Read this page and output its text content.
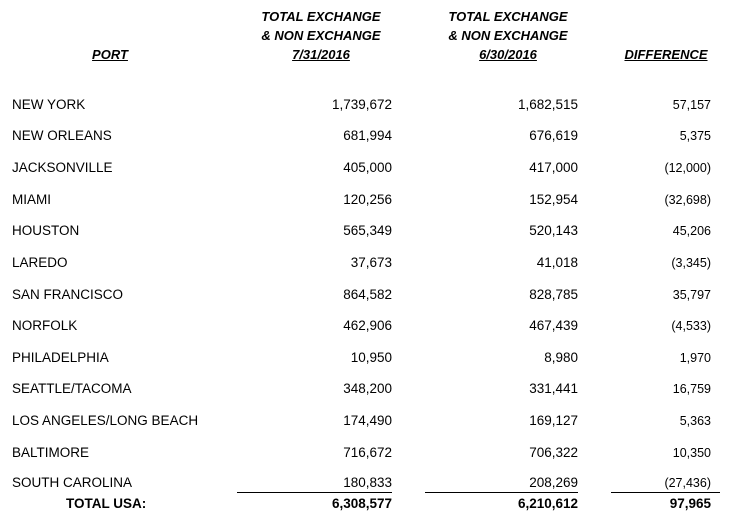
PORT
TOTAL EXCHANGE
& NON EXCHANGE
7/31/2016
TOTAL EXCHANGE
& NON EXCHANGE
6/30/2016	DIFFERENCE
NEW YORK	1,739,672	1,682,515	57,157
NEW ORLEANS	681,994	676,619	5,375
JACKSONVILLE	405,000	417,000	(12,000)
MIAMI	120,256	152,954	(32,698)
HOUSTON	565,349	520,143	45,206
LAREDO	37,673	41,018	(3,345)
SAN FRANCISCO	864,582	828,785	35,797
NORFOLK	462,906	467,439	(4,533)
PHILADELPHIA	10,950	8,980	1,970
SEATTLE/TACOMA	348,200	331,441	16,759
LOS ANGELES/LONG BEACH	174,490	169,127	5,363
BALTIMORE	716,672	706,322	10,350
SOUTH CAROLINA	180,833	208,269	(27,436)
TOTAL USA:	6,308,577	6,210,612	97,965
